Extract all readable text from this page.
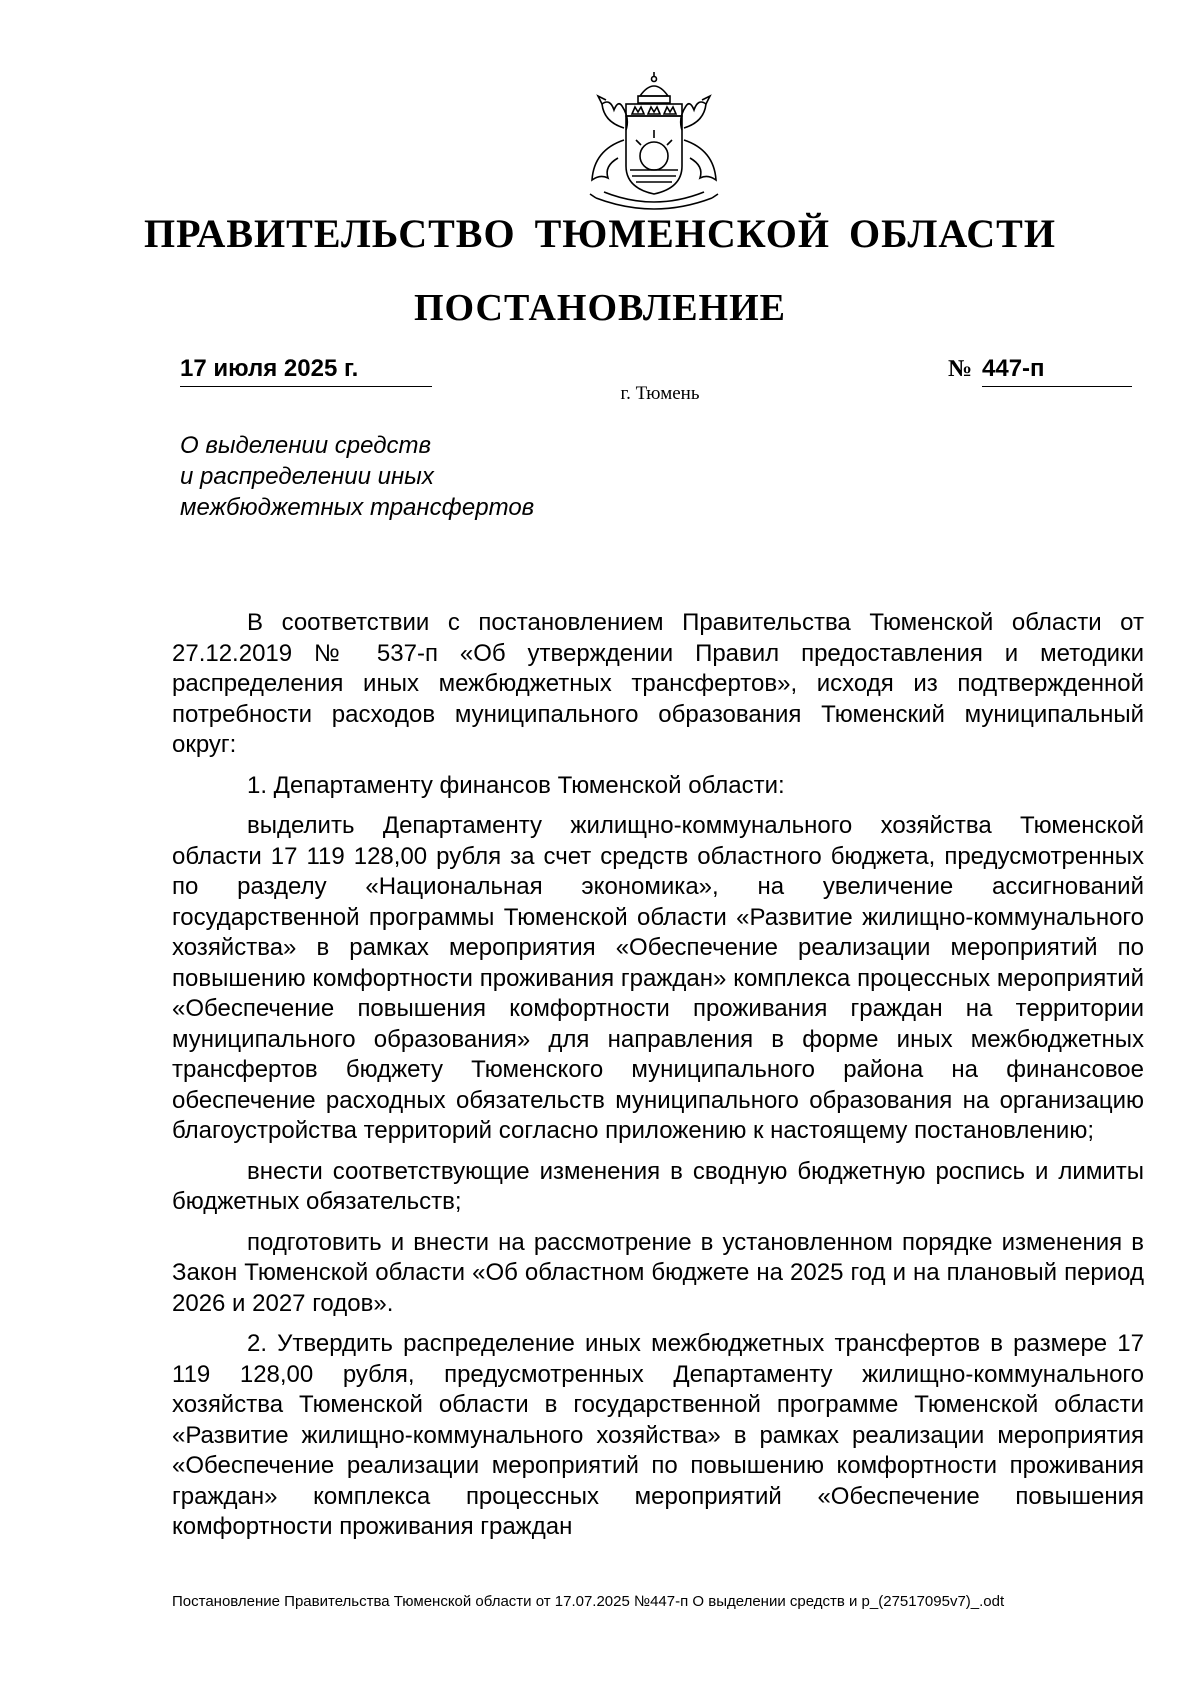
ПРАВИТЕЛЬСТВО ТЮМЕНСКОЙ ОБЛАСТИ
ПОСТАНОВЛЕНИЕ
17 июля 2025 г.	№ 447-п
г. Тюмень
О выделении средств
и распределении иных
межбюджетных трансфертов

В соответствии с постановлением Правительства Тюменской области от 27.12.2019 № 537-п «Об утверждении Правил предоставления и методики распределения иных межбюджетных трансфертов», исходя из подтвержденной потребности расходов муниципального образования Тюменский муниципальный округ:

1. Департаменту финансов Тюменской области:

выделить Департаменту жилищно-коммунального хозяйства Тюменской области 17 119 128,00 рубля за счет средств областного бюджета, предусмотренных по разделу «Национальная экономика», на увеличение ассигнований государственной программы Тюменской области «Развитие жилищно-коммунального хозяйства» в рамках мероприятия «Обеспечение реализации мероприятий по повышению комфортности проживания граждан» комплекса процессных мероприятий «Обеспечение повышения комфортности проживания граждан на территории муниципального образования» для направления в форме иных межбюджетных трансфертов бюджету Тюменского муниципального района на финансовое обеспечение расходных обязательств муниципального образования на организацию благоустройства территорий согласно приложению к настоящему постановлению;

внести соответствующие изменения в сводную бюджетную роспись и лимиты бюджетных обязательств;

подготовить и внести на рассмотрение в установленном порядке изменения в Закон Тюменской области «Об областном бюджете на 2025 год и на плановый период 2026 и 2027 годов».

2. Утвердить распределение иных межбюджетных трансфертов в размере 17 119 128,00 рубля, предусмотренных Департаменту жилищно-коммунального хозяйства Тюменской области в государственной программе Тюменской области «Развитие жилищно-коммунального хозяйства» в рамках реализации мероприятия «Обеспечение реализации мероприятий по повышению комфортности проживания граждан» комплекса процессных мероприятий «Обеспечение повышения комфортности проживания граждан

Постановление Правительства Тюменской области от 17.07.2025 №447-п О выделении средств и р_(27517095v7)_.odt
